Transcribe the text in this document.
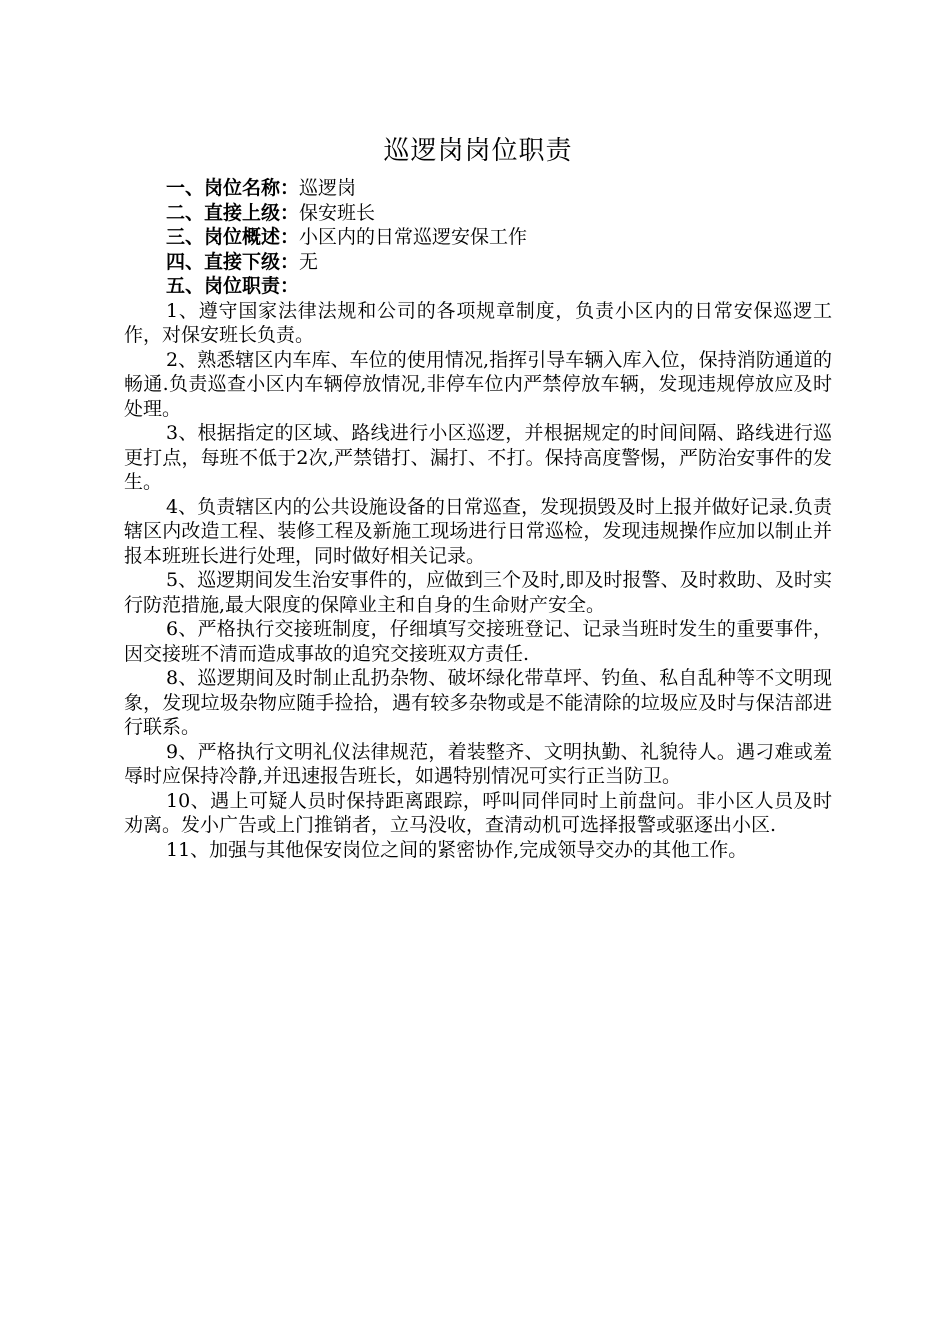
巡逻岗岗位职责
一、岗位名称：巡逻岗
二、直接上级：保安班长
三、岗位概述：小区内的日常巡逻安保工作
四、直接下级：无
五、岗位职责：

1、遵守国家法律法规和公司的各项规章制度，负责小区内的日常安保巡逻工作，对保安班长负责。

2、熟悉辖区内车库、车位的使用情况,指挥引导车辆入库入位，保持消防通道的畅通.负责巡查小区内车辆停放情况,非停车位内严禁停放车辆，发现违规停放应及时处理。

3、根据指定的区域、路线进行小区巡逻，并根据规定的时间间隔、路线进行巡更打点，每班不低于2次,严禁错打、漏打、不打。保持高度警惕，严防治安事件的发生。

4、负责辖区内的公共设施设备的日常巡查，发现损毁及时上报并做好记录.负责辖区内改造工程、装修工程及新施工现场进行日常巡检，发现违规操作应加以制止并报本班班长进行处理，同时做好相关记录。

5、巡逻期间发生治安事件的，应做到三个及时,即及时报警、及时救助、及时实行防范措施,最大限度的保障业主和自身的生命财产安全。

6、严格执行交接班制度，仔细填写交接班登记、记录当班时发生的重要事件，因交接班不清而造成事故的追究交接班双方责任.

8、巡逻期间及时制止乱扔杂物、破坏绿化带草坪、钓鱼、私自乱种等不文明现象，发现垃圾杂物应随手捡拾，遇有较多杂物或是不能清除的垃圾应及时与保洁部进行联系。

9、严格执行文明礼仪法律规范，着装整齐、文明执勤、礼貌待人。遇刁难或羞辱时应保持冷静,并迅速报告班长，如遇特别情况可实行正当防卫。

10、遇上可疑人员时保持距离跟踪，呼叫同伴同时上前盘问。非小区人员及时劝离。发小广告或上门推销者，立马没收，查清动机可选择报警或驱逐出小区.

11、加强与其他保安岗位之间的紧密协作,完成领导交办的其他工作。
